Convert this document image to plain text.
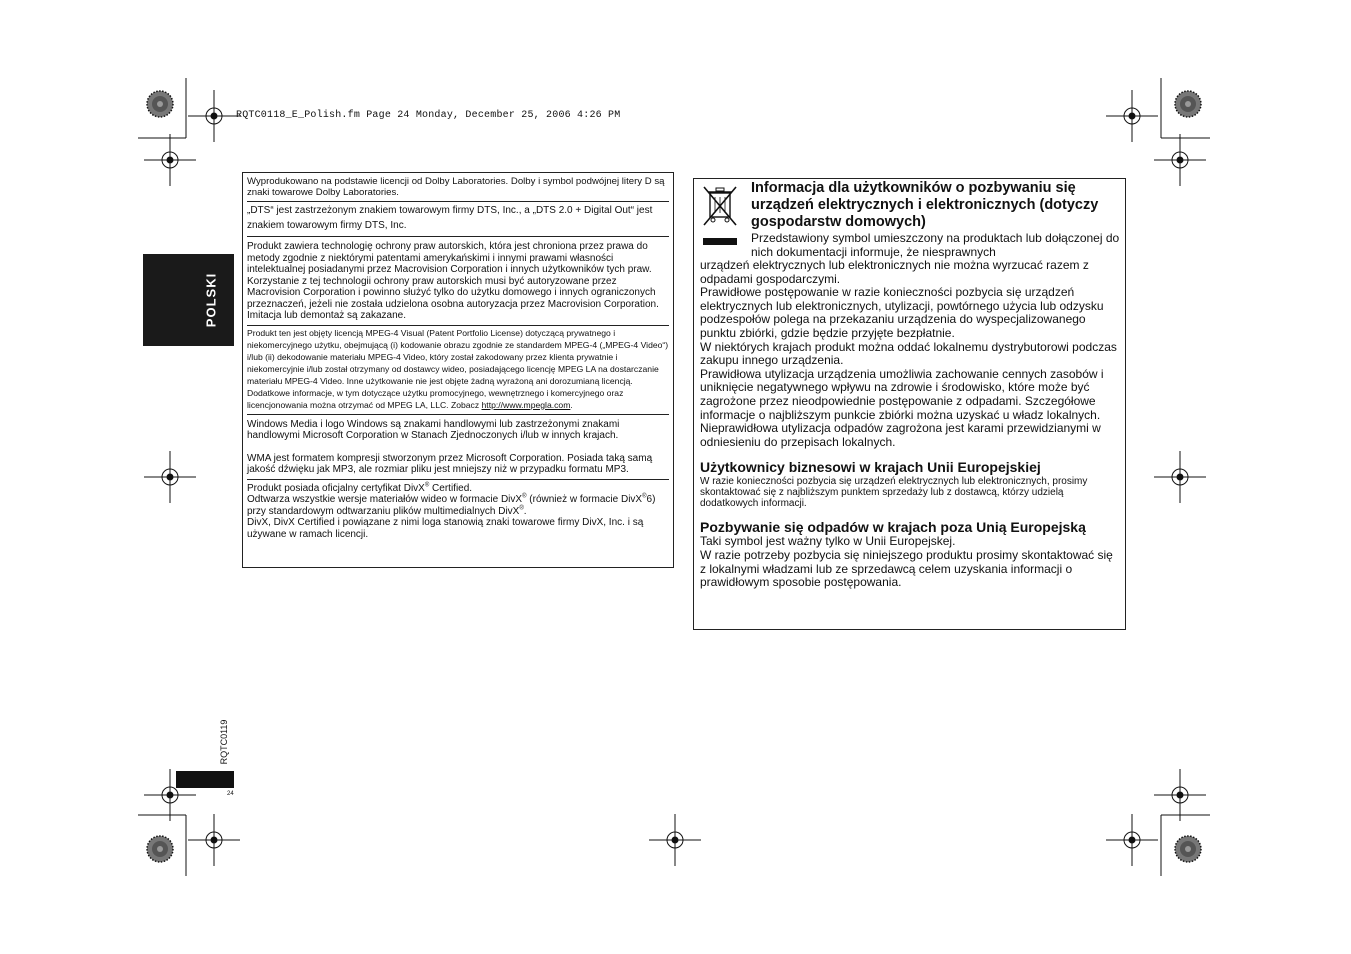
RQTC0118_E_Polish.fm Page 24 Monday, December 25, 2006 4:26 PM
POLSKI
RQTC0119
24

Wyprodukowano na podstawie licencji od Dolby Laboratories. Dolby i symbol podwójnej litery D są znaki towarowe Dolby Laboratories.

„DTS“ jest zastrzeżonym znakiem towarowym firmy DTS, Inc., a „DTS 2.0 + Digital Out“ jest znakiem towarowym firmy DTS, Inc.

Produkt zawiera technologię ochrony praw autorskich, która jest chroniona przez prawa do metody zgodnie z niektórymi patentami amerykańskimi i innymi prawami własności intelektualnej posiadanymi przez Macrovision Corporation i innych użytkowników tych praw. Korzystanie z tej technologii ochrony praw autorskich musi być autoryzowane przez Macrovision Corporation i powinno służyć tylko do użytku domowego i innych ograniczonych przeznaczeń, jeżeli nie została udzielona osobna autoryzacja przez Macrovision Corporation. Imitacja lub demontaż są zakazane.

Produkt ten jest objęty licencją MPEG-4 Visual (Patent Portfolio License) dotyczącą prywatnego i niekomercyjnego użytku, obejmującą (i) kodowanie obrazu zgodnie ze standardem MPEG-4 („MPEG-4 Video“) i/lub (ii) dekodowanie materiału MPEG-4 Video, który został zakodowany przez klienta prywatnie i niekomercyjnie i/lub został otrzymany od dostawcy wideo, posiadającego licencję MPEG LA na dostarczanie materiału MPEG-4 Video. Inne użytkowanie nie jest objęte żadną wyrażoną ani dorozumianą licencją. Dodatkowe informacje, w tym dotyczące użytku promocyjnego, wewnętrznego i komercyjnego oraz licencjonowania można otrzymać od MPEG LA, LLC. Zobacz http://www.mpegla.com.

Windows Media i logo Windows są znakami handlowymi lub zastrzeżonymi znakami handlowymi Microsoft Corporation w Stanach Zjednoczonych i/lub w innych krajach.

WMA jest formatem kompresji stworzonym przez Microsoft Corporation. Posiada taką samą jakość dźwięku jak MP3, ale rozmiar pliku jest mniejszy niż w przypadku formatu MP3.

Produkt posiada oficjalny certyfikat DivX® Certified.

Odtwarza wszystkie wersje materiałów wideo w formacie DivX® (również w formacie DivX®6) przy standardowym odtwarzaniu plików multimedialnych DivX®.

DivX, DivX Certified i powiązane z nimi loga stanowią znaki towarowe firmy DivX, Inc. i są używane w ramach licencji.

Informacja dla użytkowników o pozbywaniu się urządzeń elektrycznych i elektronicznych (dotyczy gospodarstw domowych)
Przedstawiony symbol umieszczony na produktach lub dołączonej do nich dokumentacji informuje, że niesprawnych

urządzeń elektrycznych lub elektronicznych nie można wyrzucać razem z odpadami gospodarczymi.

Prawidłowe postępowanie w razie konieczności pozbycia się urządzeń elektrycznych lub elektronicznych, utylizacji, powtórnego użycia lub odzysku podzespołów polega na przekazaniu urządzenia do wyspecjalizowanego punktu zbiórki, gdzie będzie przyjęte bezpłatnie.

W niektórych krajach produkt można oddać lokalnemu dystrybutorowi podczas zakupu innego urządzenia.

Prawidłowa utylizacja urządzenia umożliwia zachowanie cennych zasobów i uniknięcie negatywnego wpływu na zdrowie i środowisko, które może być zagrożone przez nieodpowiednie postępowanie z odpadami. Szczegółowe informacje o najbliższym punkcie zbiórki można uzyskać u władz lokalnych.

Nieprawidłowa utylizacja odpadów zagrożona jest karami przewidzianymi w odniesieniu do przepisach lokalnych.

Użytkownicy biznesowi w krajach Unii Europejskiej

W razie konieczności pozbycia się urządzeń elektrycznych lub elektronicznych, prosimy skontaktować się z najbliższym punktem sprzedaży lub z dostawcą, którzy udzielą dodatkowych informacji.

Pozbywanie się odpadów w krajach poza Unią Europejską

Taki symbol jest ważny tylko w Unii Europejskej.

W razie potrzeby pozbycia się niniejszego produktu prosimy skontaktować się z lokalnymi władzami lub ze sprzedawcą celem uzyskania informacji o prawidłowym sposobie postępowania.
